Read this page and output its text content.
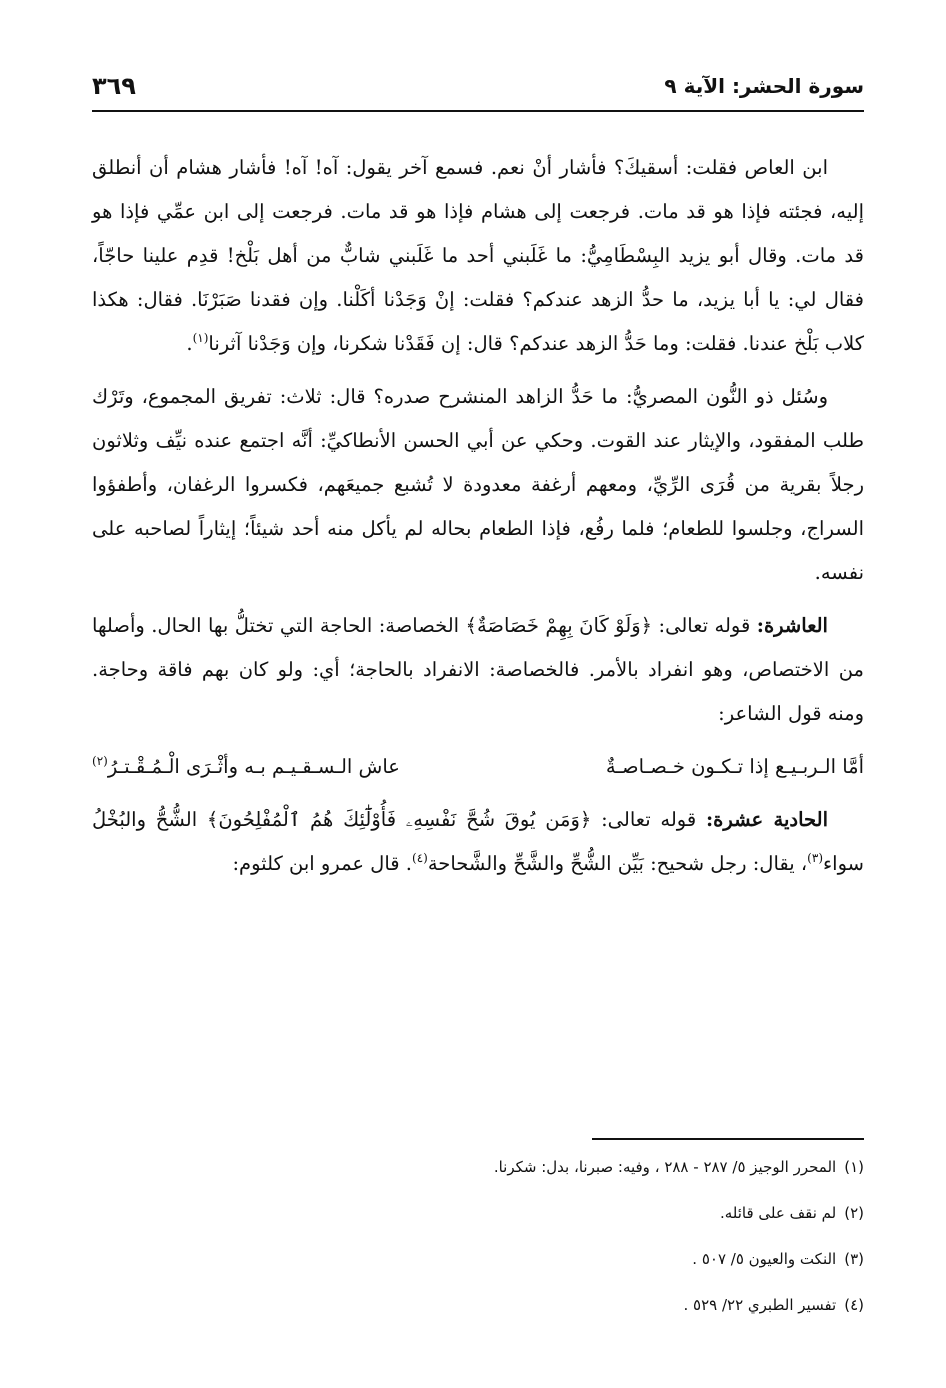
سورة الحشر: الآية ٩
٣٦٩

ابن العاص فقلت: أسقيكَ؟ فأشار أنْ نعم. فسمع آخر يقول: آه! آه! فأشار هشام أن أنطلق إليه، فجئته فإذا هو قد مات. فرجعت إلى هشام فإذا هو قد مات. فرجعت إلى ابن عمِّي فإذا هو قد مات. وقال أبو يزيد البِسْطَامِيُّ: ما غَلَبني أحد ما غَلَبني شابٌّ من أهل بَلْخ! قدِم علينا حاجّاً، فقال لي: يا أبا يزيد، ما حدُّ الزهد عندكم؟ فقلت: إنْ وَجَدْنا أكَلْنا. وإن فقدنا صَبَرْنَا. فقال: هكذا كلاب بَلْخ عندنا. فقلت: وما حَدُّ الزهد عندكم؟ قال: إن فَقَدْنا شكرنا، وإن وَجَدْنا آثرنا$^{(١)}$.

وسُئل ذو النُّون المصريُّ: ما حَدُّ الزاهد المنشرح صدره؟ قال: ثلاث: تفريق المجموع، وتَرْك طلب المفقود، والإيثار عند القوت. وحكي عن أبي الحسن الأنطاكيِّ: أنَّه اجتمع عنده نيِّف وثلاثون رجلاً بقرية من قُرَى الرِّيِّ، ومعهم أرغفة معدودة لا تُشبع جميعَهم، فكسروا الرغفان، وأطفؤوا السراج، وجلسوا للطعام؛ فلما رفُع، فإذا الطعام بحاله لم يأكل منه أحد شيئاً؛ إيثاراً لصاحبه على نفسه.

العاشرة: قوله تعالى: ﴿وَلَوْ كَانَ بِهِمْ خَصَاصَةٌ﴾ الخصاصة: الحاجة التي تختلُّ بها الحال. وأصلها من الاختصاص، وهو انفراد بالأمر. فالخصاصة: الانفراد بالحاجة؛ أي: ولو كان بهم فاقة وحاجة. ومنه قول الشاعر:

أمَّا الـربـيـع إذا تـكـون خـصـاصـةٌ
عاش الـسـقـيـم بـه وأثْـرَى الْـمُـقْـتـرُ$^{(٢)}$

الحادية عشرة: قوله تعالى: ﴿وَمَن يُوقَ شُحَّ نَفْسِهِۦ فَأُوْلَٰٓئِكَ هُمُ ٱلْمُفْلِحُونَ﴾ الشُّحُّ والبُخْلُ سواء$^{(٣)}$، يقال: رجل شحيح: بَيِّن الشُّحِّ والشَّحِّ والشَّحاحة$^{(٤)}$. قال عمرو ابن كلثوم:

(١)المحرر الوجيز ٥/ ٢٨٧ - ٢٨٨ ، وفيه: صبرنا، بدل: شكرنا.
(٢)لم نقف على قائله.
(٣)النكت والعيون ٥/ ٥٠٧ .
(٤)تفسير الطبري ٢٢/ ٥٢٩ .
